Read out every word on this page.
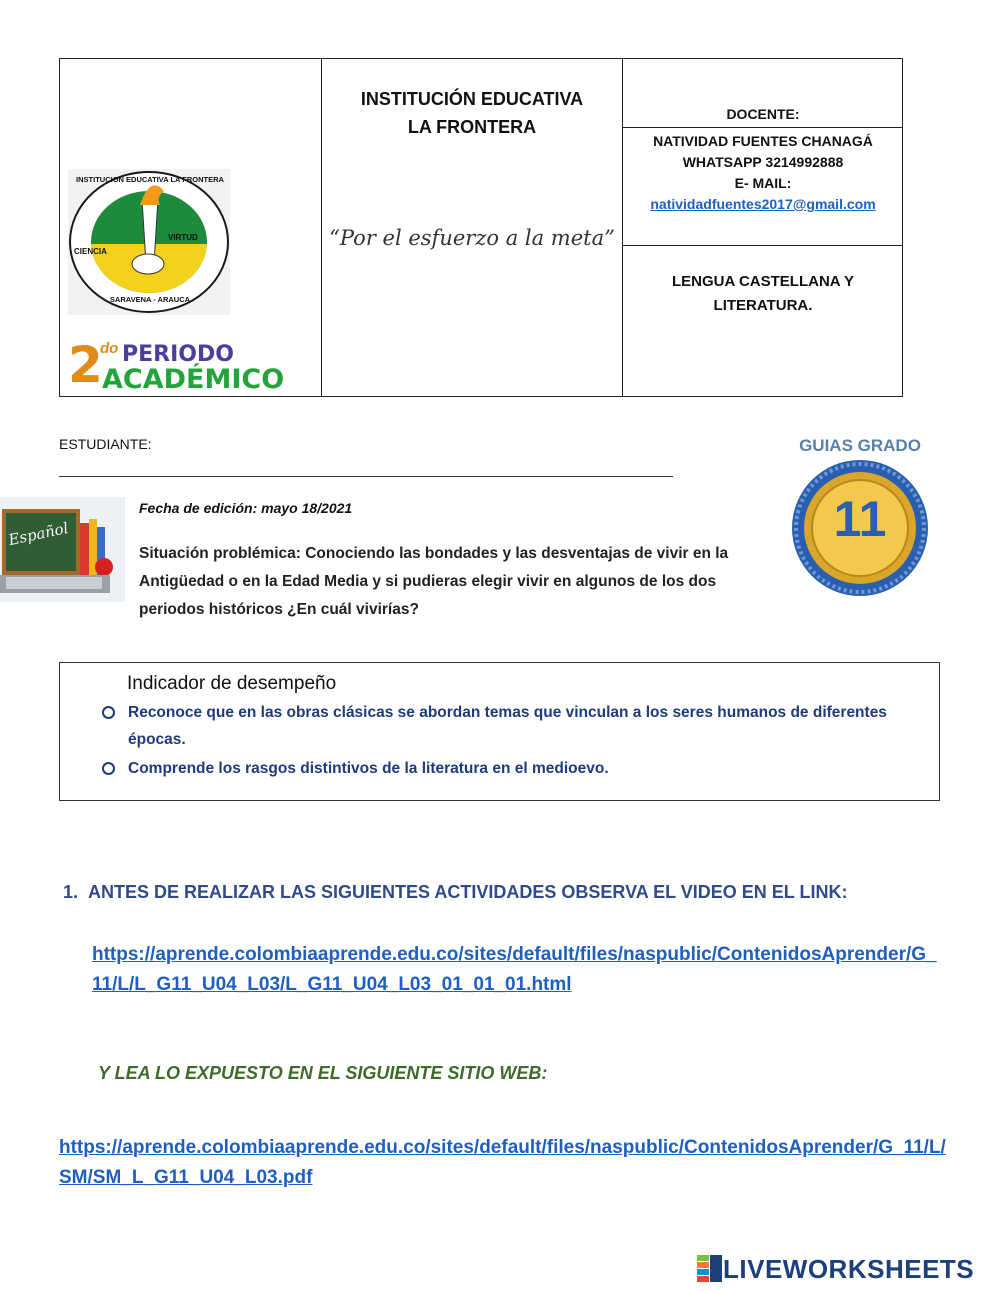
CIENCIA
VIRTUD
INSTITUCION EDUCATIVA LA FRONTERA
SARAVENA - ARAUCA
2
do PERIODO
ACADÉMICO
INSTITUCIÓN EDUCATIVA
LA FRONTERA
“Por el esfuerzo a la meta”
DOCENTE:
NATIVIDAD FUENTES CHANAGÁ
WHATSAPP 3214992888
E- MAIL:
natividadfuentes2017@gmail.com
LENGUA CASTELLANA Y
LITERATURA.
ESTUDIANTE:	GUIAS GRADO
11
Español
Fecha de edición: mayo 18/2021
Situación problémica: Conociendo las bondades y las desventajas de vivir en la Antigüedad o en la Edad Media y si pudieras elegir vivir en algunos de los dos periodos históricos ¿En cuál vivirías?
Indicador de desempeño
Reconoce que en las obras clásicas se abordan temas que vinculan a los seres humanos de diferentes épocas.
Comprende los rasgos distintivos de la literatura en el medioevo.
1. ANTES DE REALIZAR LAS SIGUIENTES ACTIVIDADES OBSERVA EL VIDEO EN EL LINK:
https://aprende.colombiaaprende.edu.co/sites/default/files/naspublic/ContenidosAprender/G_11/L/L_G11_U04_L03/L_G11_U04_L03_01_01_01.html
Y LEA LO EXPUESTO EN EL SIGUIENTE SITIO WEB:
https://aprende.colombiaaprende.edu.co/sites/default/files/naspublic/ContenidosAprender/G_11/L/SM/SM_L_G11_U04_L03.pdf
LIVEWORKSHEETS
